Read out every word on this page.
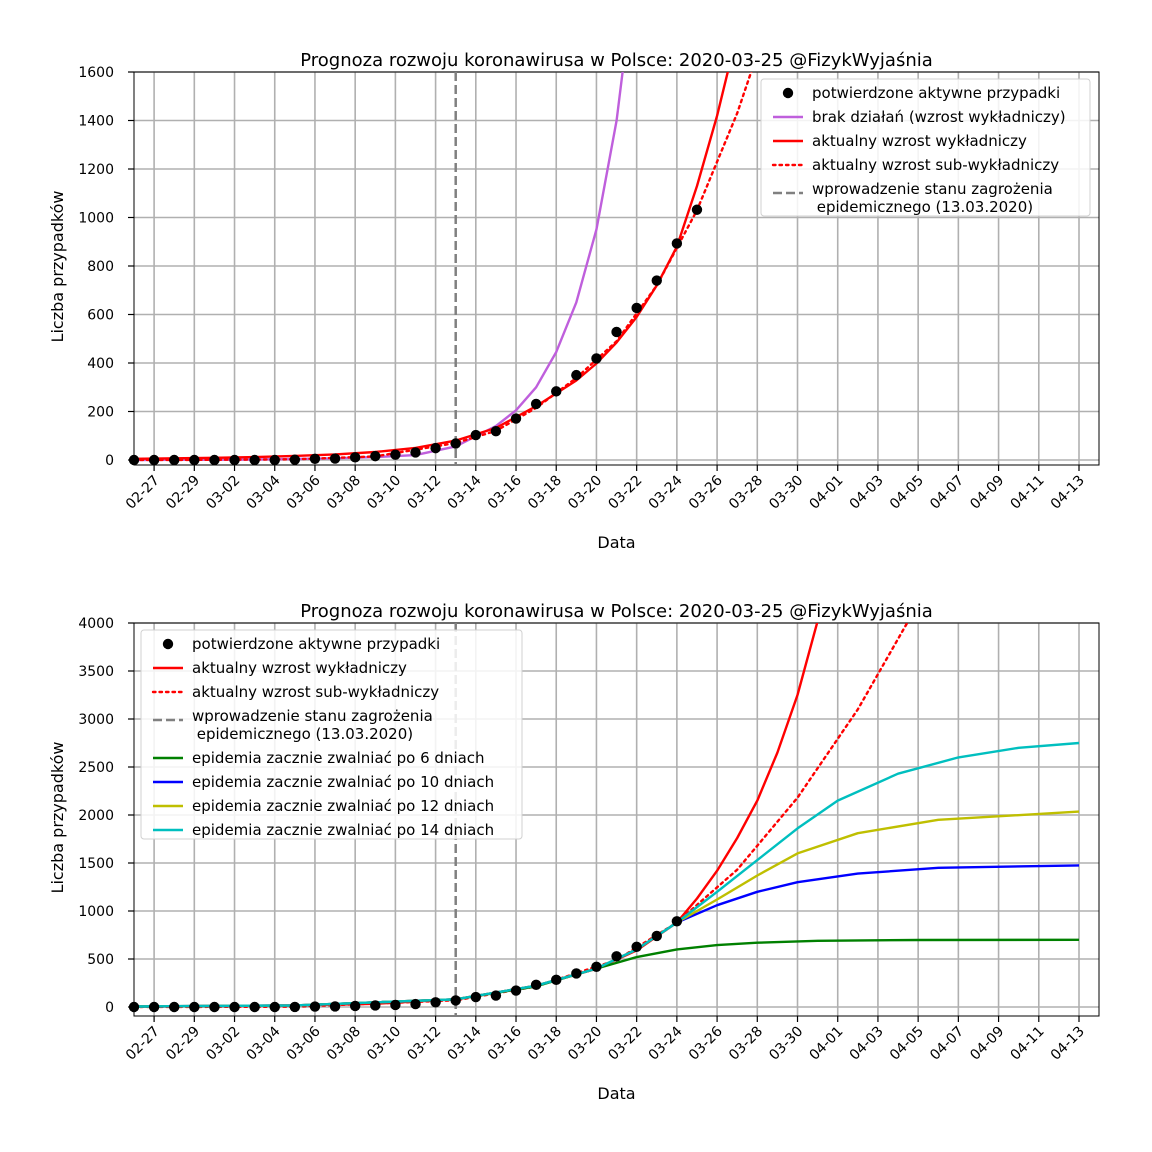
02-27 02-29 03-02 03-04 03-06 03-08 03-10 03-12 03-14 03-16 03-18 03-20 03-22 03-24 03-26 03-28 03-30 04-01 04-03 04-05 04-07 04-09 04-11 04-13
0
200
400
600
800
1000
1200
1400
1600
Prognoza rozwoju koronawirusa w Polsce: 2020-03-25 @FizykWyjaśnia
Data
Liczba przypadków
potwierdzone aktywne przypadki
brak działań (wzrost wykładniczy)
aktualny wzrost wykładniczy
aktualny wzrost sub-wykładniczy
wprowadzenie stanu zagrożenia epidemicznego (13.03.2020)
02-27 02-29 03-02 03-04 03-06 03-08 03-10 03-12 03-14 03-16 03-18 03-20 03-22 03-24 03-26 03-28 03-30 04-01 04-03 04-05 04-07 04-09 04-11 04-13
0
500
1000
1500
2000
2500
3000
3500
4000
Prognoza rozwoju koronawirusa w Polsce: 2020-03-25 @FizykWyjaśnia
Data
Liczba przypadków
potwierdzone aktywne przypadki
aktualny wzrost wykładniczy
aktualny wzrost sub-wykładniczy
wprowadzenie stanu zagrożenia epidemicznego (13.03.2020)
epidemia zacznie zwalniać po 6 dniach
epidemia zacznie zwalniać po 10 dniach
epidemia zacznie zwalniać po 12 dniach
epidemia zacznie zwalniać po 14 dniach
